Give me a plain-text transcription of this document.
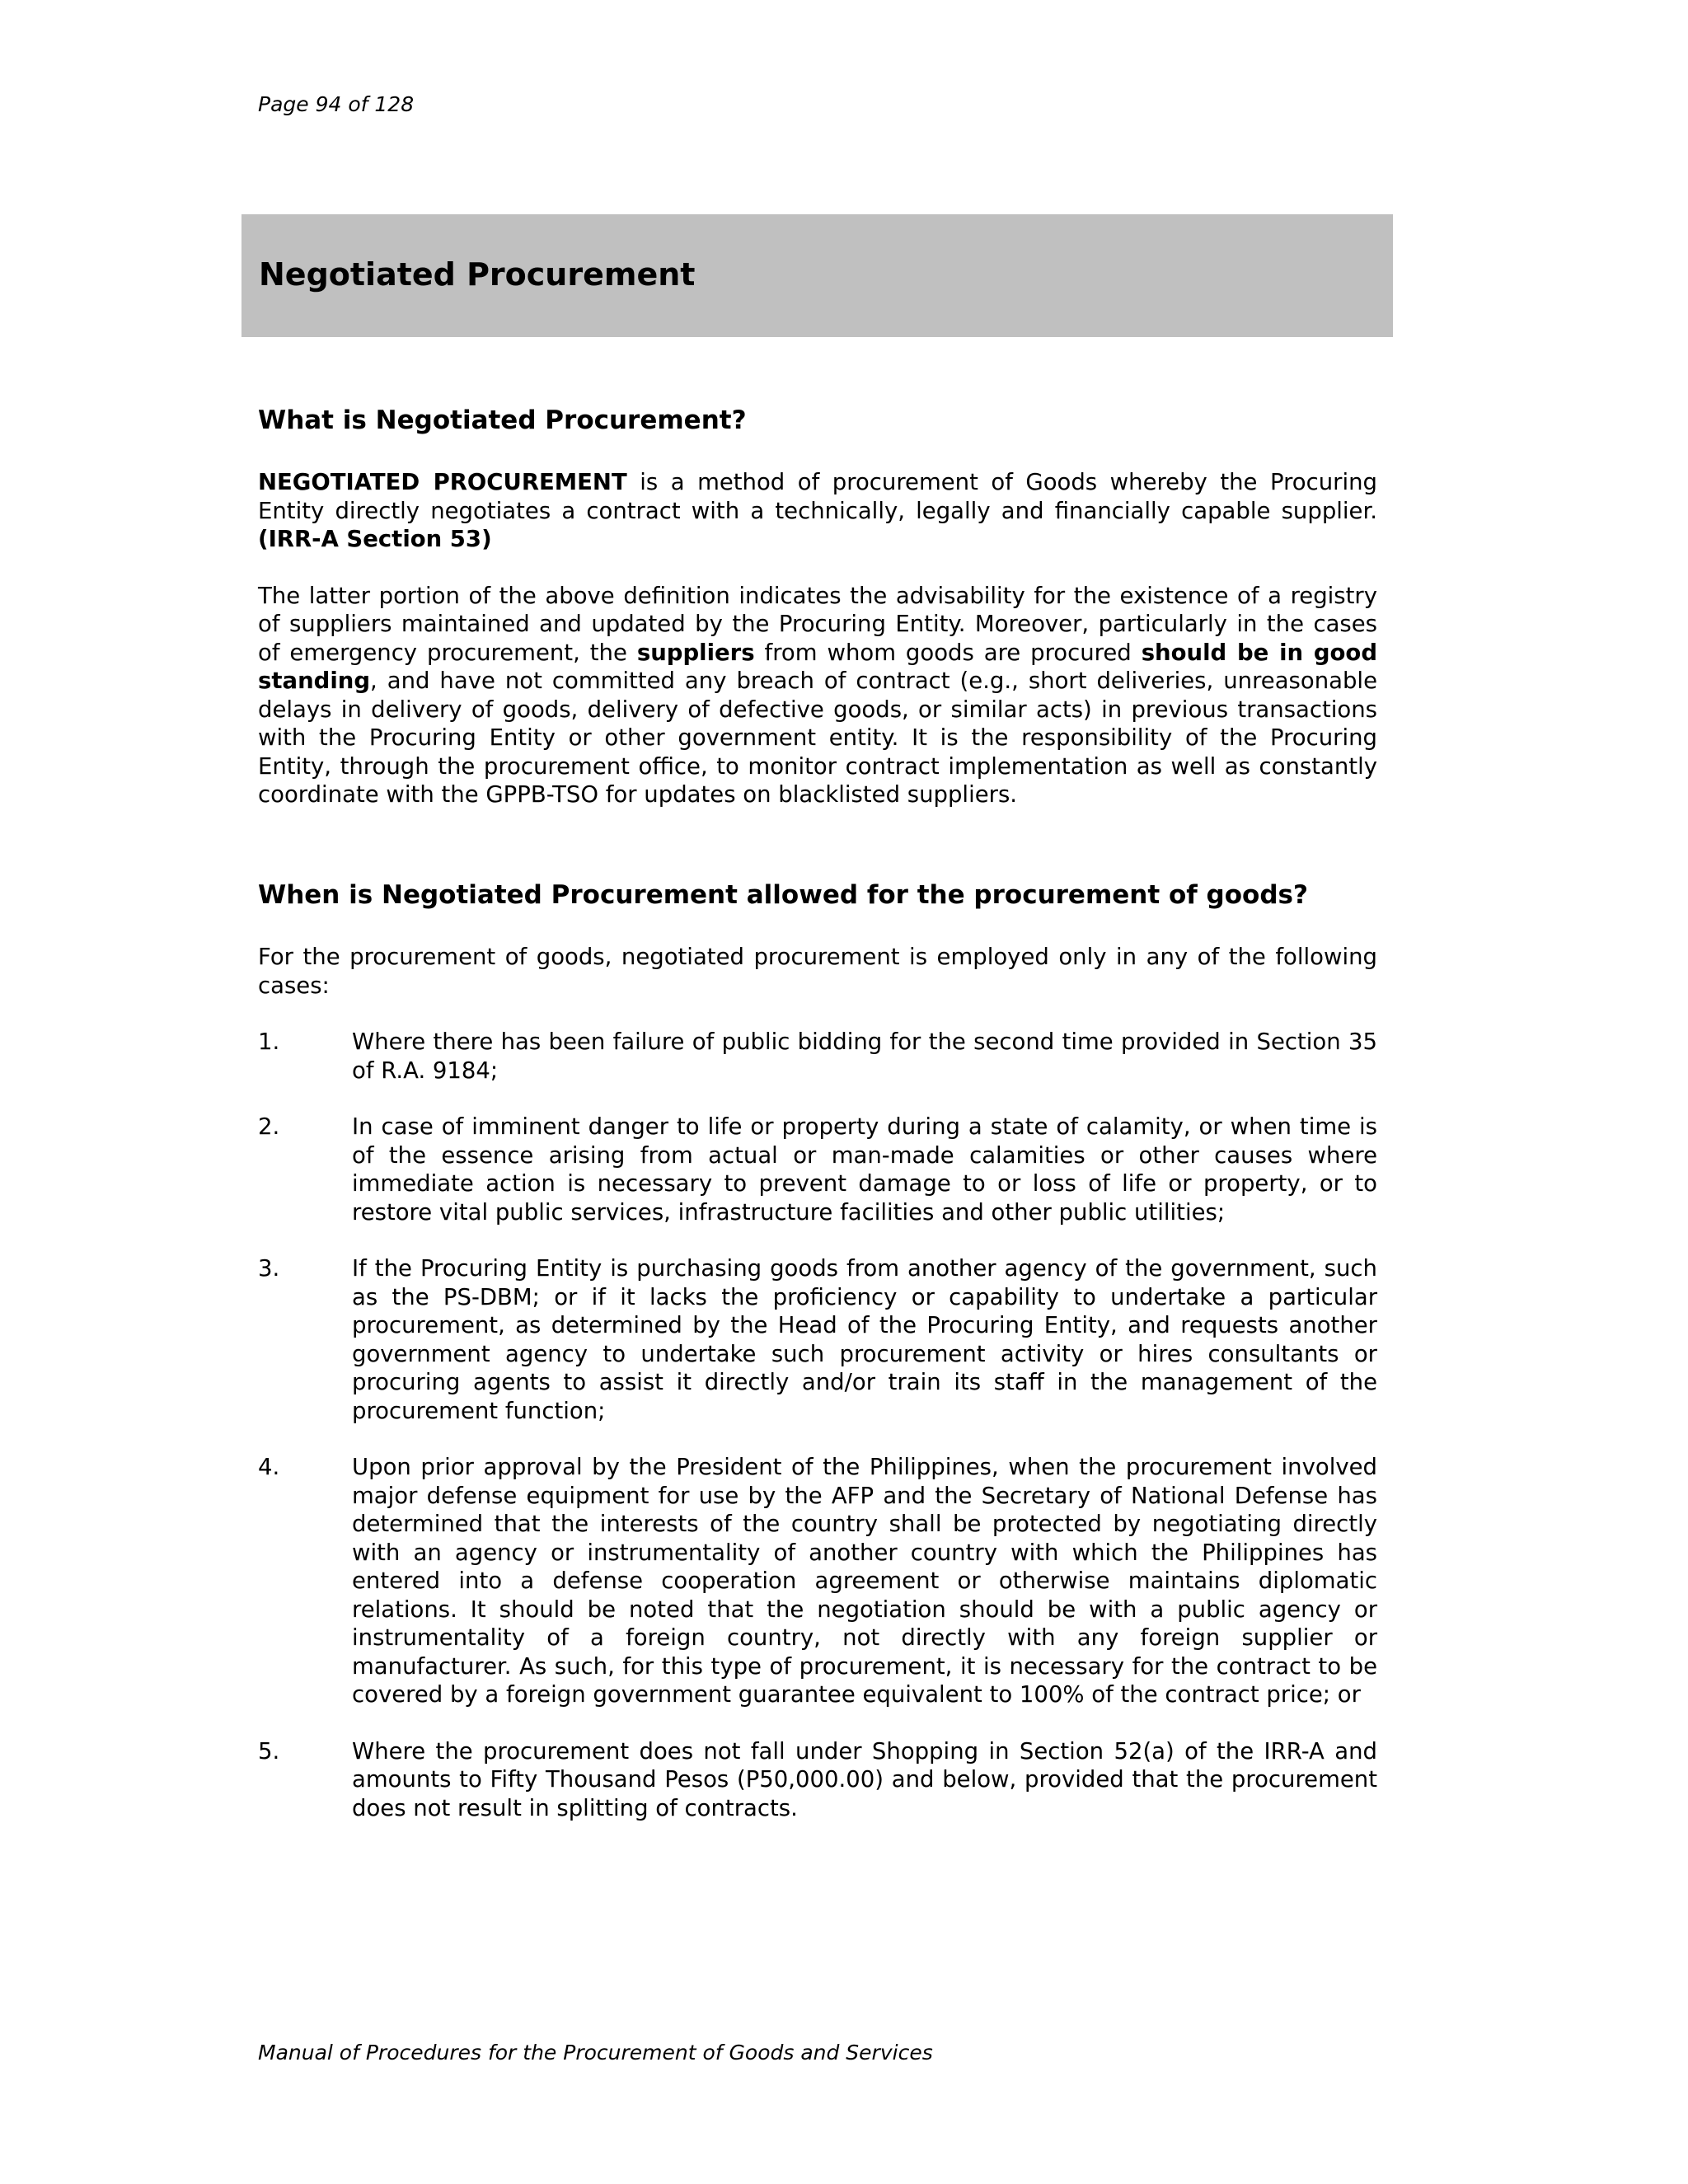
Page 94 of 128

Negotiated Procurement
What is Negotiated Procurement?

NEGOTIATED PROCUREMENT is a method of procurement of Goods whereby the Procuring Entity directly negotiates a contract with a technically, legally and financially capable supplier. (IRR-A Section 53)

The latter portion of the above definition indicates the advisability for the existence of a registry of suppliers maintained and updated by the Procuring Entity. Moreover, particularly in the cases of emergency procurement, the suppliers from whom goods are procured should be in good standing, and have not committed any breach of contract (e.g., short deliveries, unreasonable delays in delivery of goods, delivery of defective goods, or similar acts) in previous transactions with the Procuring Entity or other government entity. It is the responsibility of the Procuring Entity, through the procurement office, to monitor contract implementation as well as constantly coordinate with the GPPB-TSO for updates on blacklisted suppliers.

When is Negotiated Procurement allowed for the procurement of goods?

For the procurement of goods, negotiated procurement is employed only in any of the following cases:

1.	Where there has been failure of public bidding for the second time provided in Section 35 of R.A. 9184;
2.	In case of imminent danger to life or property during a state of calamity, or when time is of the essence arising from actual or man-made calamities or other causes where immediate action is necessary to prevent damage to or loss of life or property, or to restore vital public services, infrastructure facilities and other public utilities;
3.	If the Procuring Entity is purchasing goods from another agency of the government, such as the PS-DBM; or if it lacks the proficiency or capability to undertake a particular procurement, as determined by the Head of the Procuring Entity, and requests another government agency to undertake such procurement activity or hires consultants or procuring agents to assist it directly and/or train its staff in the management of the procurement function;
4.	Upon prior approval by the President of the Philippines, when the procurement involved major defense equipment for use by the AFP and the Secretary of National Defense has determined that the interests of the country shall be protected by negotiating directly with an agency or instrumentality of another country with which the Philippines has entered into a defense cooperation agreement or otherwise maintains diplomatic relations. It should be noted that the negotiation should be with a public agency or instrumentality of a foreign country, not directly with any foreign supplier or manufacturer. As such, for this type of procurement, it is necessary for the contract to be covered by a foreign government guarantee equivalent to 100% of the contract price; or
5.	Where the procurement does not fall under Shopping in Section 52(a) of the IRR-A and amounts to Fifty Thousand Pesos (P50,000.00) and below, provided that the procurement does not result in splitting of contracts.

Manual of Procedures for the Procurement of Goods and Services
